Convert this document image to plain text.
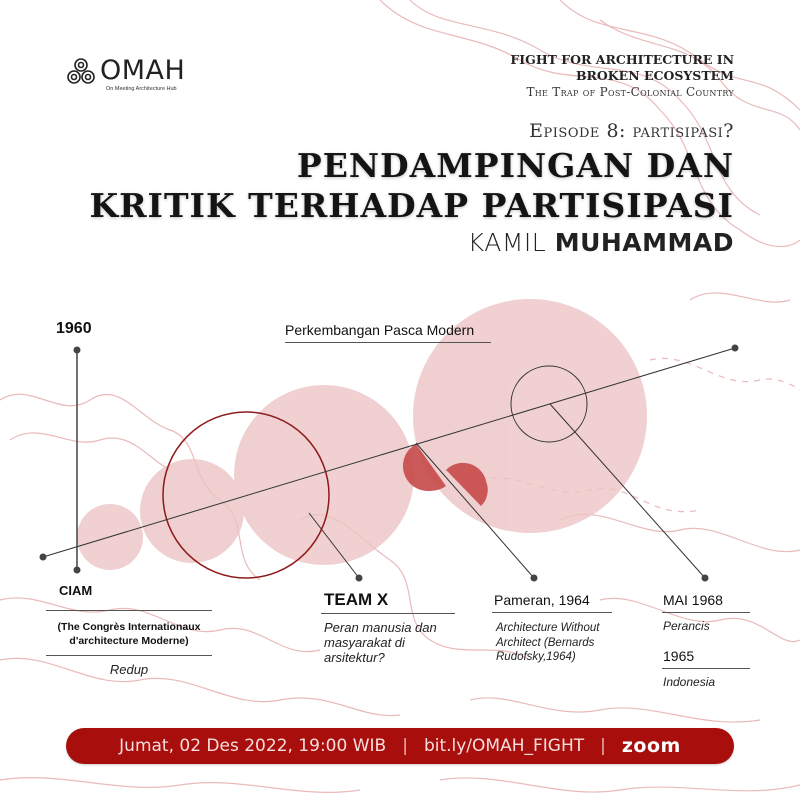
OMAH
On Meeting Architecture Hub
FIGHT FOR ARCHITECTURE IN
BROKEN ECOSYSTEM
The Trap of Post-Colonial Country
Episode 8: partisipasi?
PENDAMPINGAN DAN
KRITIK TERHADAP PARTISIPASI
KAMIL MUHAMMAD
1960	Perkembangan Pasca Modern
CIAM
(The Congrès Internationaux d'architecture Moderne)
Redup
TEAM X
Peran manusia dan masyarakat di arsitektur?
Pameran, 1964
Architecture Without Architect (Bernards Rudofsky,1964)
MAI 1968
Perancis
1965
Indonesia
Jumat, 02 Des 2022, 19:00 WIB | bit.ly/OMAH_FIGHT | zoom
